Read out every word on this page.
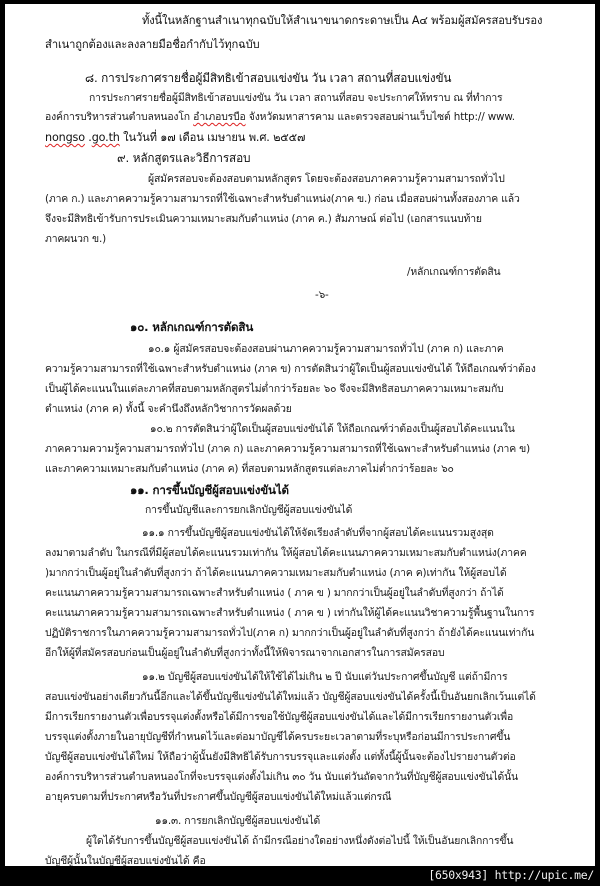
ทั้งนี้ในหลักฐานสำเนาทุกฉบับให้สำเนาขนาดกระดาษเป็น A๔ พร้อมผู้สมัครสอบรับรอง
สำเนาถูกต้องและลงลายมือชื่อกำกับไว้ทุกฉบับ
๘. การประกาศรายชื่อผู้มีสิทธิเข้าสอบแข่งขัน วัน เวลา สถานที่สอบแข่งขัน
การประกาศรายชื่อผู้มีสิทธิเข้าสอบแข่งขัน วัน เวลา สถานที่สอบ จะประกาศให้ทราบ ณ ที่ทำการ
องค์การบริหารส่วนตำบลหนองโก อำเภอบรบือ จังหวัดมหาสารคาม และตรวจสอบผ่านเว็บไซต์ http:// www.
nongso .go.th ในวันที่ ๑๗ เดือน เมษายน พ.ศ. ๒๕๕๗
๙. หลักสูตรและวิธีการสอบ
ผู้สมัครสอบจะต้องสอบตามหลักสูตร โดยจะต้องสอบภาคความรู้ความสามารถทั่วไป
(ภาค ก.) และภาคความรู้ความสามารถที่ใช้เฉพาะสำหรับตำแหน่ง(ภาค ข.) ก่อน เมื่อสอบผ่านทั้งสองภาค แล้ว
จึงจะมีสิทธิเข้ารับการประเมินความเหมาะสมกับตำแหน่ง (ภาค ค.) สัมภาษณ์ ต่อไป (เอกสารแนบท้าย
ภาคผนวก ข.)
/หลักเกณฑ์การตัดสิน
-๖-
๑๐. หลักเกณฑ์การตัดสิน
๑๐.๑ ผู้สมัครสอบจะต้องสอบผ่านภาคความรู้ความสามารถทั่วไป (ภาค ก) และภาค
ความรู้ความสามารถที่ใช้เฉพาะสำหรับตำแหน่ง (ภาค ข) การตัดสินว่าผู้ใดเป็นผู้สอบแข่งขันได้ ให้ถือเกณฑ์ว่าต้อง
เป็นผู้ได้คะแนนในแต่ละภาคที่สอบตามหลักสูตรไม่ต่ำกว่าร้อยละ ๖๐ จึงจะมีสิทธิสอบภาคความเหมาะสมกับ
ตำแหน่ง (ภาค ค) ทั้งนี้ จะคำนึงถึงหลักวิชาการวัดผลด้วย
๑๐.๒ การตัดสินว่าผู้ใดเป็นผู้สอบแข่งขันได้ ให้ถือเกณฑ์ว่าต้องเป็นผู้สอบได้คะแนนใน
ภาคความความรู้ความสามารถทั่วไป (ภาค ก) และภาคความรู้ความสามารถที่ใช้เฉพาะสำหรับตำแหน่ง (ภาค ข)
และภาคความเหมาะสมกับตำแหน่ง (ภาค ค) ที่สอบตามหลักสูตรแต่ละภาคไม่ต่ำกว่าร้อยละ ๖๐
๑๑. การขึ้นบัญชีผู้สอบแข่งขันได้
การขึ้นบัญชีและการยกเลิกบัญชีผู้สอบแข่งขันได้
๑๑.๑ การขึ้นบัญชีผู้สอบแข่งขันได้ให้จัดเรียงลำดับที่จากผู้สอบได้คะแนนรวมสูงสุด
ลงมาตามลำดับ ในกรณีที่มีผู้สอบได้คะแนนรวมเท่ากัน ให้ผู้สอบได้คะแนนภาคความเหมาะสมกับตำแหน่ง(ภาคค
)มากกว่าเป็นผู้อยู่ในลำดับที่สูงกว่า ถ้าได้คะแนนภาคความเหมาะสมกับตำแหน่ง (ภาค ค)เท่ากัน ให้ผู้สอบได้
คะแนนภาคความรู้ความสามารถเฉพาะสำหรับตำแหน่ง ( ภาค ข ) มากกว่าเป็นผู้อยู่ในลำดับที่สูงกว่า ถ้าได้
คะแนนภาคความรู้ความสามารถเฉพาะสำหรับตำแหน่ง ( ภาค ข ) เท่ากันให้ผู้ได้คะแนนวิชาความรู้พื้นฐานในการ
ปฏิบัติราชการในภาคความรู้ความสามารถทั่วไป(ภาค ก) มากกว่าเป็นผู้อยู่ในลำดับที่สูงกว่า ถ้ายังได้คะแนนเท่ากัน
อีกให้ผู้ที่สมัครสอบก่อนเป็นผู้อยู่ในลำดับที่สูงกว่าทั้งนี้ให้พิจารณาจากเอกสารในการสมัครสอบ
๑๑.๒ บัญชีผู้สอบแข่งขันได้ให้ใช้ได้ไม่เกิน ๒ ปี นับแต่วันประกาศขึ้นบัญชี แต่ถ้ามีการ
สอบแข่งขันอย่างเดียวกันนี้อีกและได้ขึ้นบัญชีแข่งขันได้ใหม่แล้ว บัญชีผู้สอบแข่งขันได้ครั้งนี้เป็นอันยกเลิกเว้นแต่ได้
มีการเรียกรายงานตัวเพื่อบรรจุแต่งตั้งหรือได้มีการขอใช้บัญชีผู้สอบแข่งขันได้และได้มีการเรียกรายงานตัวเพื่อ
บรรจุแต่งตั้งภายในอายุบัญชีที่กำหนดไว้และต่อมาบัญชีได้ครบระยะเวลาตามที่ระบุหรือก่อนมีการประกาศขึ้น
บัญชีผู้สอบแข่งขันได้ใหม่ ให้ถือว่าผู้นั้นยังมีสิทธิได้รับการบรรจุและแต่งตั้ง แต่ทั้งนี้ผู้นั้นจะต้องไปรายงานตัวต่อ
องค์การบริหารส่วนตำบลหนองโกที่จะบรรจุแต่งตั้งไม่เกิน ๓๐ วัน นับแต่วันถัดจากวันที่บัญชีผู้สอบแข่งขันได้นั้น
อายุครบตามที่ประกาศหรือวันที่ประกาศขึ้นบัญชีผู้สอบแข่งขันได้ใหม่แล้วแต่กรณี
๑๑.๓. การยกเลิกบัญชีผู้สอบแข่งขันได้
ผู้ใดได้รับการขึ้นบัญชีผู้สอบแข่งขันได้ ถ้ามีกรณีอย่างใดอย่างหนึ่งดังต่อไปนี้ ให้เป็นอันยกเลิกการขึ้น
บัญชีผู้นั้นในบัญชีผู้สอบแข่งขันได้ คือ
[650x943] http://upic.me/
